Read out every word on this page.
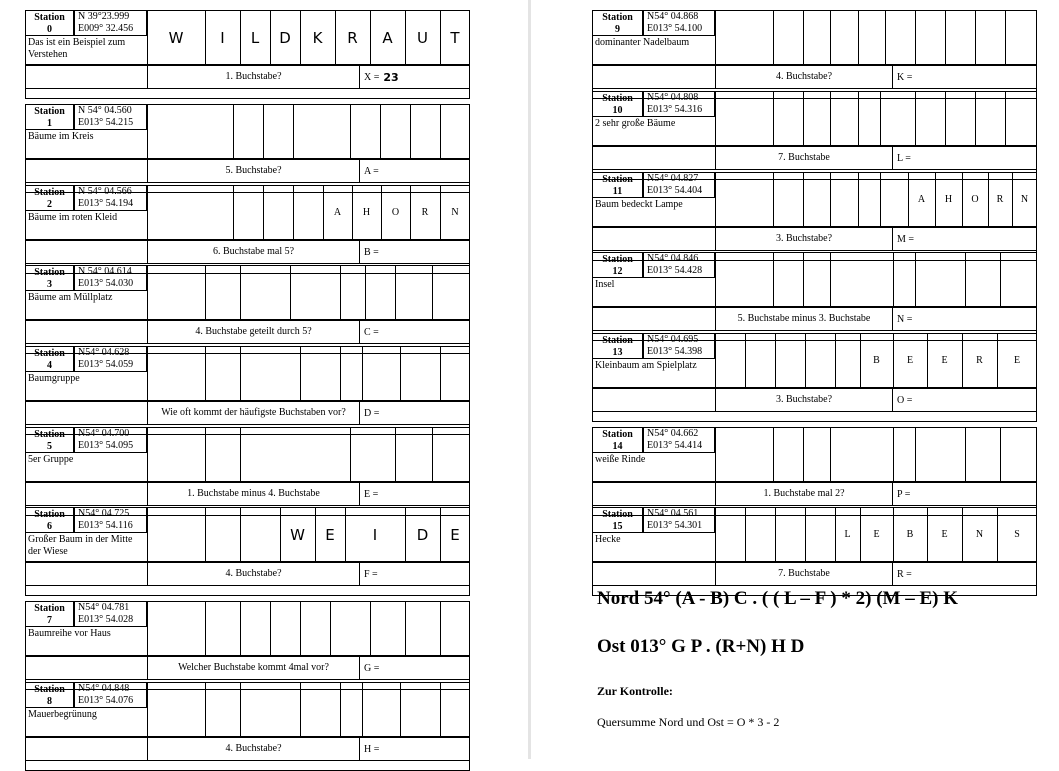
Station
0
N 39°23.999
E009° 32.456
Das ist ein Beispiel zum Verstehen
W I L D K R A U T
1. Buchstabe?	X = 23
Station
1
N 54° 04.560
E013° 54.215
Bäume im Kreis
5. Buchstabe?	A =
Station
2
N 54° 04.566
E013° 54.194
Bäume im roten Kleid	A H O R N
6. Buchstabe mal 5?	B =
Station
3
N 54° 04.614
E013° 54.030
Bäume am Müllplatz
4. Buchstabe geteilt durch 5?	C =
Station
4
N54° 04.628
E013° 54.059
Baumgruppe
Wie oft kommt der häufigste Buchstaben vor?	D =
Station
5
N54° 04.700
E013° 54.095
5er Gruppe
1. Buchstabe minus 4. Buchstabe	E =
Station
6
N54° 04.725
E013° 54.116
Großer Baum in der Mitte der Wiese
W E	I	D E
4. Buchstabe?	F =
Station
7
N54° 04.781
E013° 54.028
Baumreihe vor Haus
Welcher Buchstabe kommt 4mal vor?	G =
Station
8
N54° 04.848
E013° 54.076
Mauerbegrünung
4. Buchstabe?	H =
Station
9
N54° 04.868
E013° 54.100
dominanter Nadelbaum
4. Buchstabe?	K =
Station
10
N54° 04.808
E013° 54.316
2 sehr große Bäume
7. Buchstabe	L =
Station
11
N54° 04.827
E013° 54.404
Baum bedeckt Lampe	A H O R N
3. Buchstabe?	M =
Station
12
N54° 04.846
E013° 54.428
Insel
5. Buchstabe minus 3. Buchstabe	N =
Station
13
N54° 04.695
E013° 54.398
Kleinbaum am Spielplatz	B	E	E	R	E
3. Buchstabe?	O =
Station
14
N54° 04.662
E013° 54.414
weiße Rinde
1. Buchstabe mal 2?	P =
Station
15
N54° 04.561
E013° 54.301
Hecke	L E	B	E	N	S
7. Buchstabe	R =
Nord 54° (A - B) C . ( ( L – F ) * 2) (M – E) K
Ost 013° G P . (R+N) H D
Zur Kontrolle:
Quersumme Nord und Ost = O * 3 - 2
